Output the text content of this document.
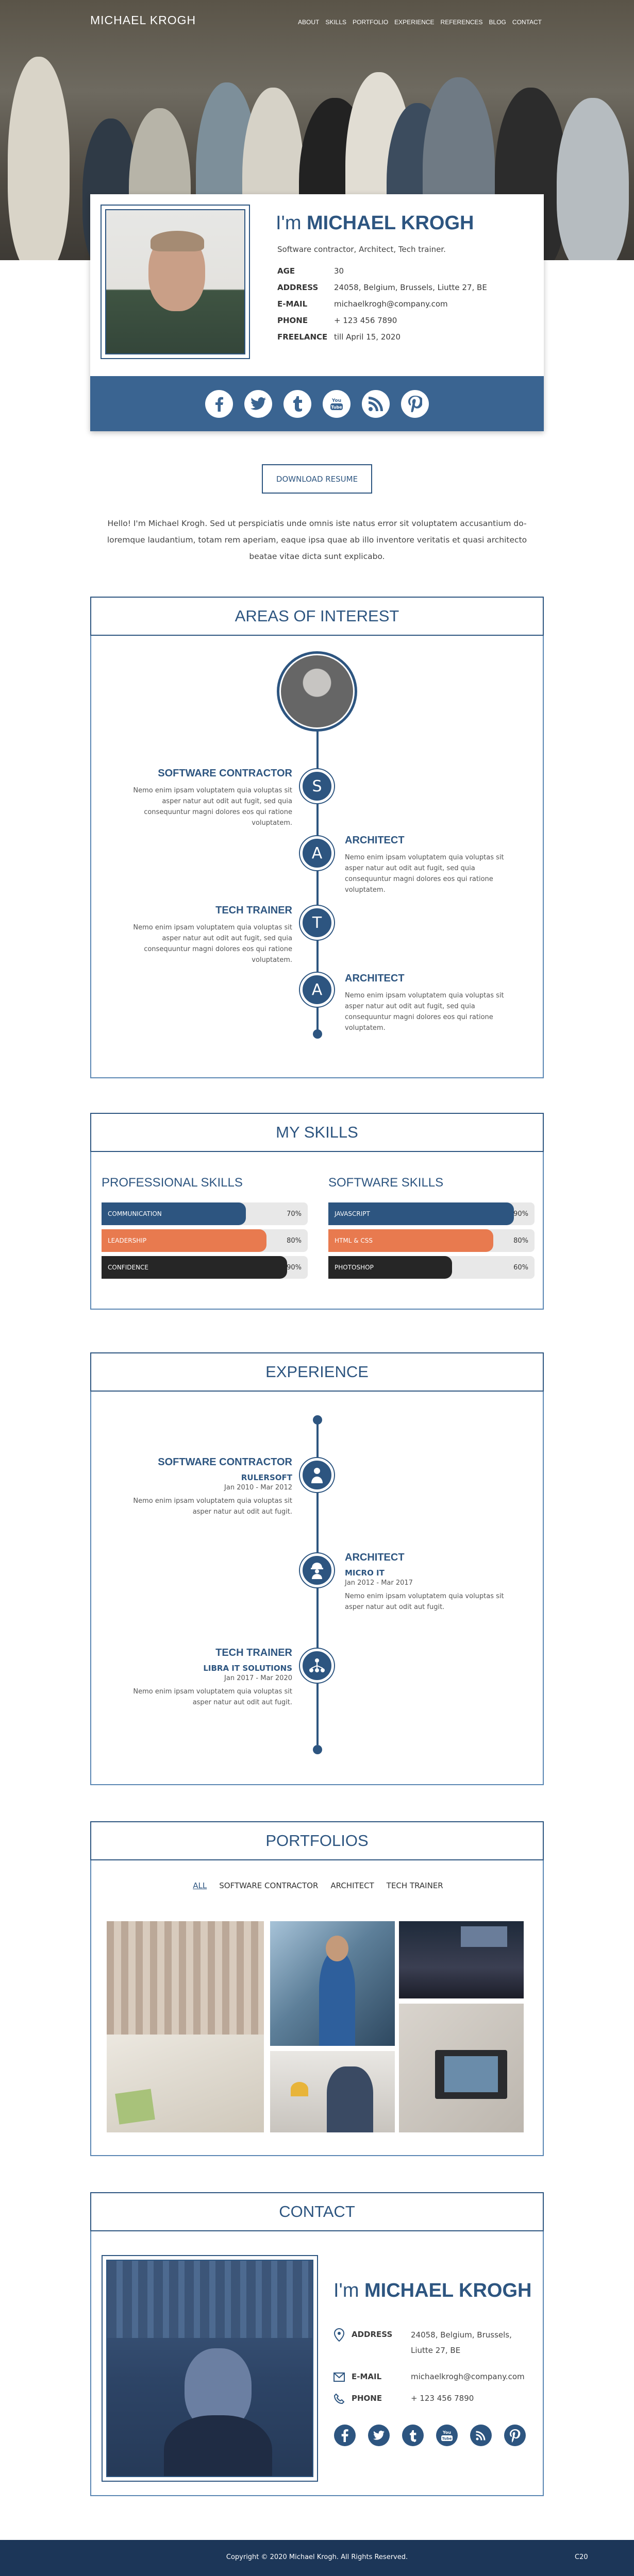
MICHAEL KROGH	ABOUT SKILLS PORTFOLIO EXPERIENCE REFERENCES BLOG CONTACT
I'm MICHAEL KROGH
Software contractor, Architect, Tech trainer.
AGE	30
ADDRESS	24058, Belgium, Brussels, Liutte 27, BE
E-MAIL	michaelkrogh@company.com
PHONE	+ 123 456 7890
FREELANCE till April 15, 2020
You
Tube
DOWNLOAD RESUME
Hello! I'm Michael Krogh. Sed ut perspiciatis unde omnis iste natus error sit voluptatem accusantium do-loremque laudantium, totam rem aperiam, eaque ipsa quae ab illo inventore veritatis et quasi architecto beatae vitae dicta sunt explicabo.
AREAS OF INTEREST
S
SOFTWARE CONTRACTOR
Nemo enim ipsam voluptatem quia voluptas sit asper natur aut odit aut fugit, sed quia consequuntur magni dolores eos qui ratione voluptatem.
A
ARCHITECT
Nemo enim ipsam voluptatem quia voluptas sit asper natur aut odit aut fugit, sed quia consequuntur magni dolores eos qui ratione voluptatem.
T
TECH TRAINER
Nemo enim ipsam voluptatem quia voluptas sit asper natur aut odit aut fugit, sed quia consequuntur magni dolores eos qui ratione voluptatem.
A
ARCHITECT
Nemo enim ipsam voluptatem quia voluptas sit asper natur aut odit aut fugit, sed quia consequuntur magni dolores eos qui ratione voluptatem.
MY SKILLS
PROFESSIONAL SKILLS	SOFTWARE SKILLS
COMMUNICATION	70%
LEADERSHIP	80%
CONFIDENCE	90%
JAVASCRIPT	90%
HTML & CSS	80%
PHOTOSHOP	60%
EXPERIENCE
SOFTWARE CONTRACTOR
RULERSOFT
Jan 2010 - Mar 2012
Nemo enim ipsam voluptatem quia voluptas sit asper natur aut odit aut fugit.
ARCHITECT
MICRO IT
Jan 2012 - Mar 2017
Nemo enim ipsam voluptatem quia voluptas sit asper natur aut odit aut fugit.
TECH TRAINER
LIBRA IT SOLUTIONS
Jan 2017 - Mar 2020
Nemo enim ipsam voluptatem quia voluptas sit asper natur aut odit aut fugit.
PORTFOLIOS
ALL SOFTWARE CONTRACTOR ARCHITECT TECH TRAINER
CONTACT
I'm MICHAEL KROGH
ADDRESS 24058, Belgium, Brussels, Liutte 27, BE
E-MAIL	michaelkrogh@company.com
PHONE	+ 123 456 7890
You
Tube
Copyright © 2020 Michael Krogh. All Rights Reserved.	C20
